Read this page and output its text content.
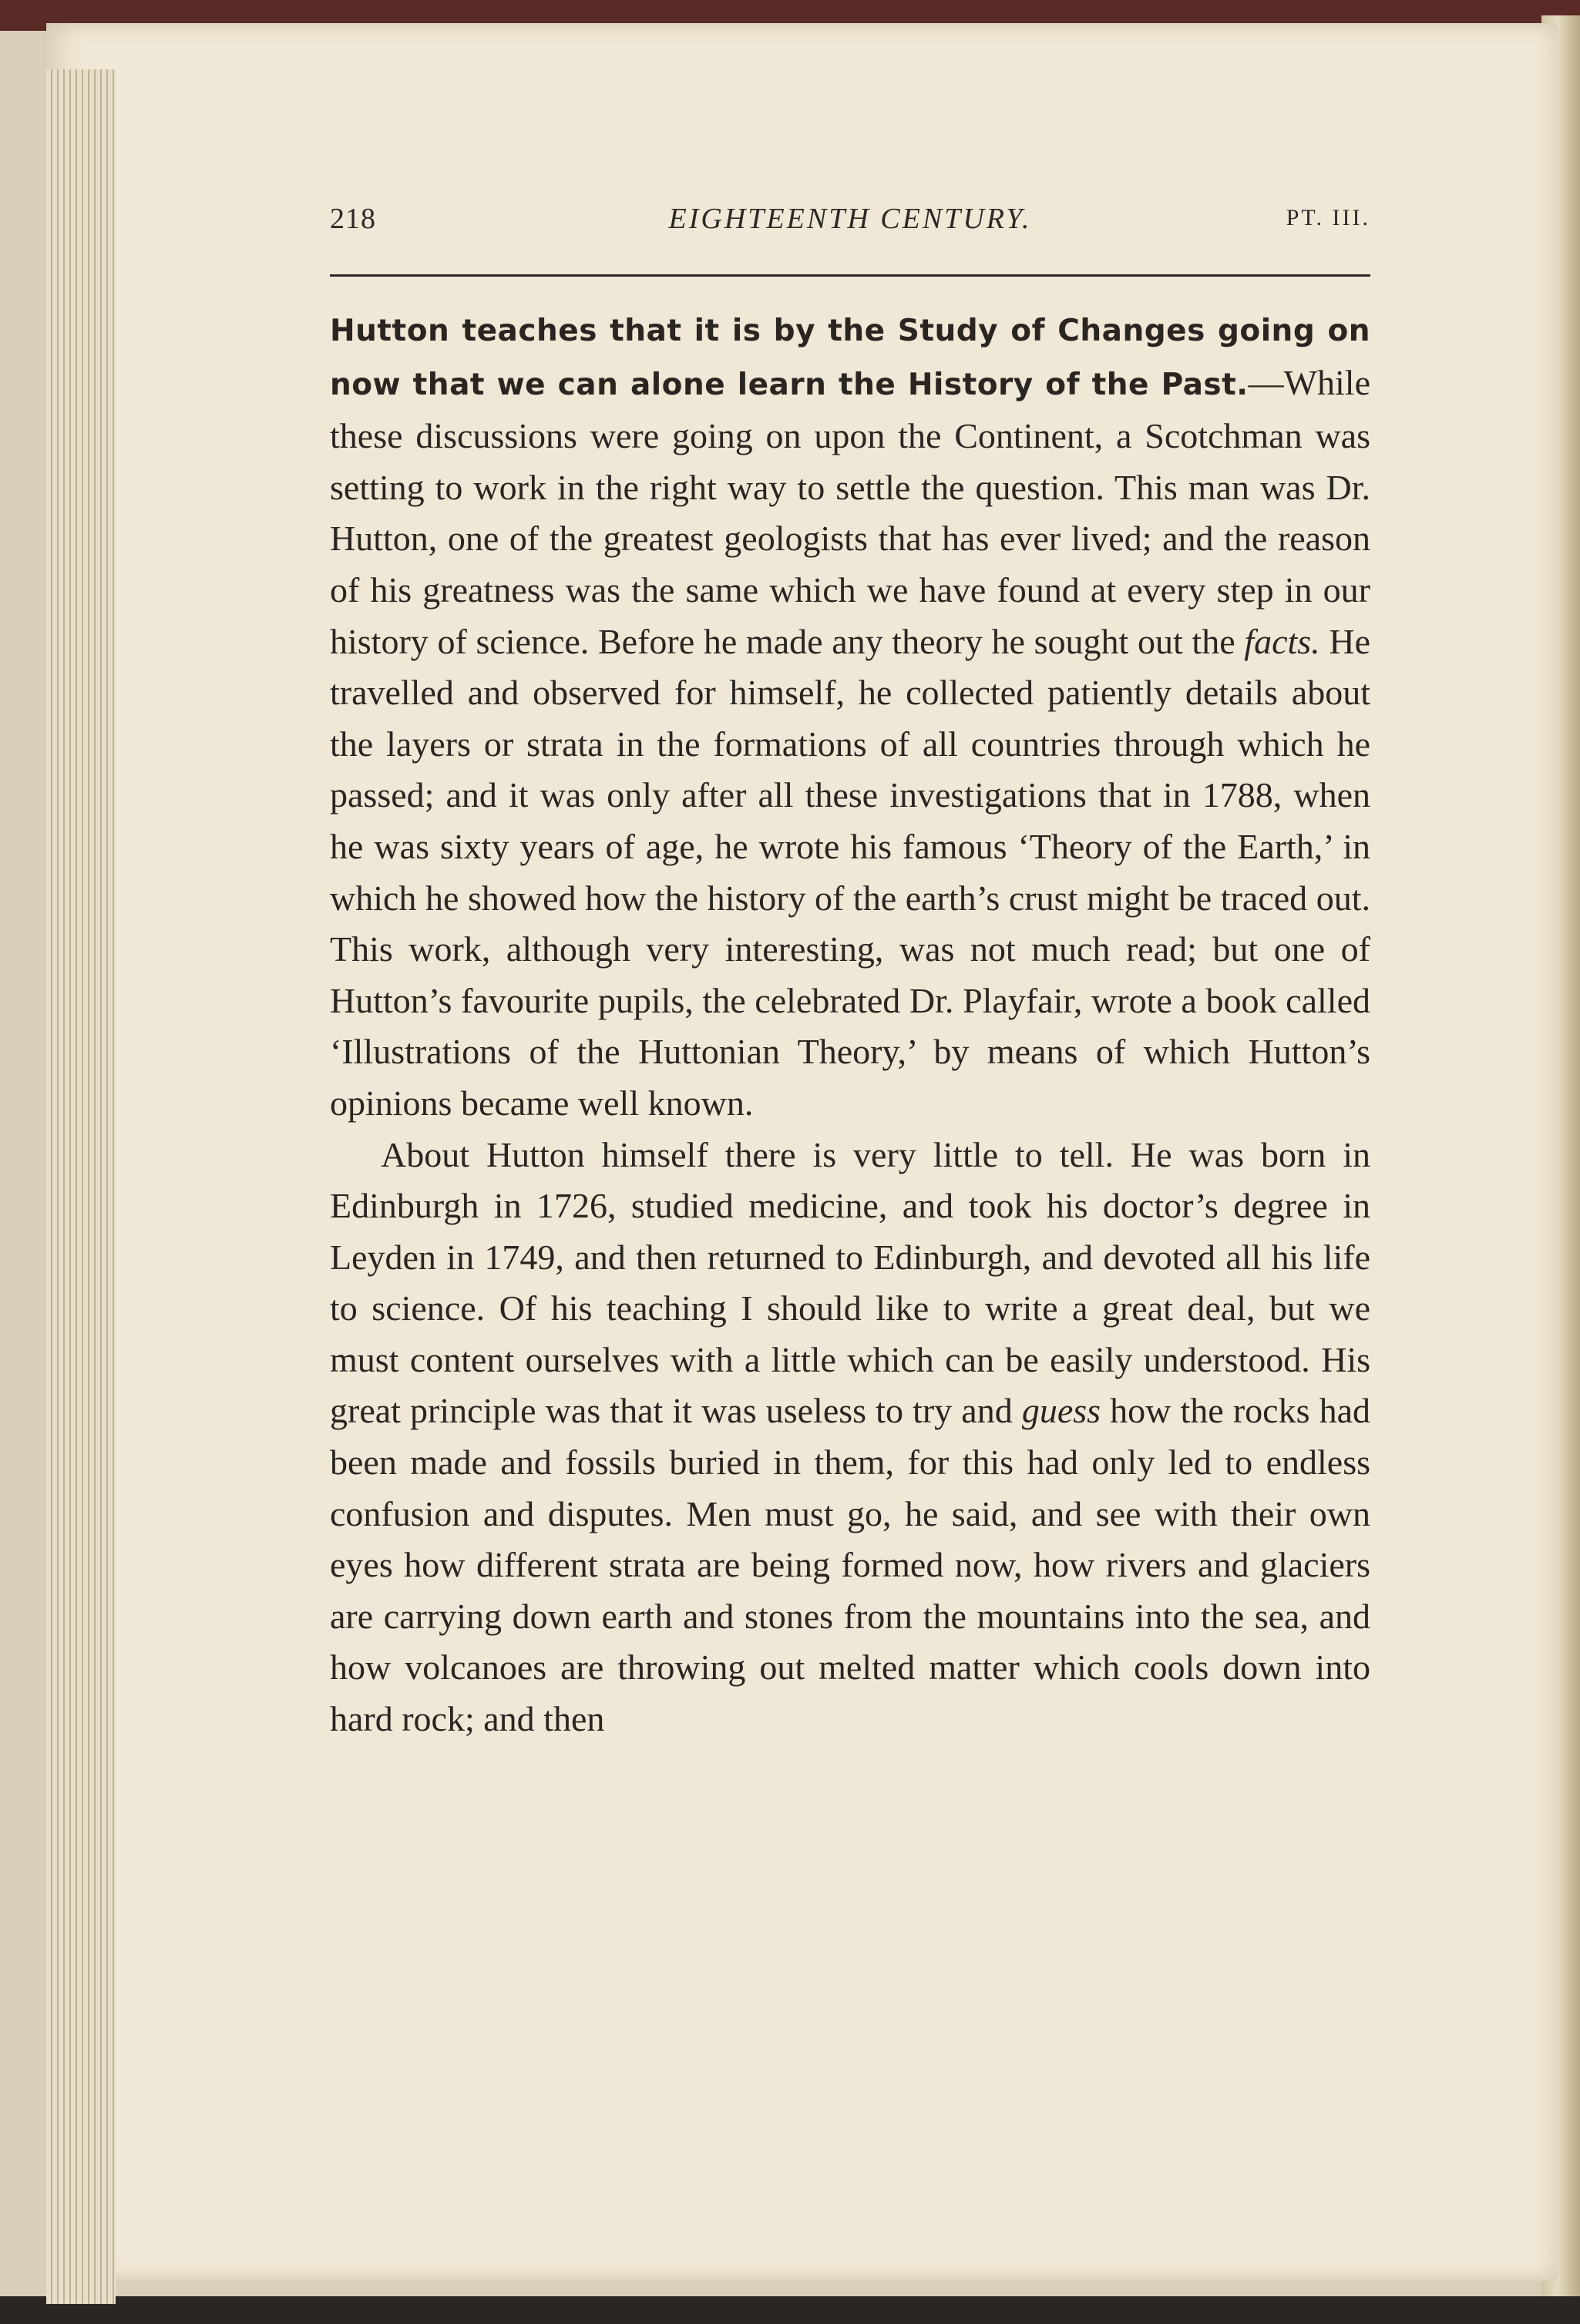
218	EIGHTEENTH CENTURY.	PT. III.

Hutton teaches that it is by the Study of Changes going on now that we can alone learn the History of the Past.—While these discussions were going on upon the Continent, a Scotchman was setting to work in the right way to settle the question. This man was Dr. Hutton, one of the greatest geologists that has ever lived; and the reason of his greatness was the same which we have found at every step in our history of science. Before he made any theory he sought out the facts. He travelled and observed for himself, he collected patiently details about the layers or strata in the formations of all countries through which he passed; and it was only after all these investigations that in 1788, when he was sixty years of age, he wrote his famous ‘Theory of the Earth,’ in which he showed how the history of the earth’s crust might be traced out. This work, although very interesting, was not much read; but one of Hutton’s favourite pupils, the celebrated Dr. Playfair, wrote a book called ‘Illustrations of the Huttonian Theory,’ by means of which Hutton’s opinions became well known.

About Hutton himself there is very little to tell. He was born in Edinburgh in 1726, studied medicine, and took his doctor’s degree in Leyden in 1749, and then returned to Edinburgh, and devoted all his life to science. Of his teaching I should like to write a great deal, but we must content ourselves with a little which can be easily understood. His great principle was that it was useless to try and guess how the rocks had been made and fossils buried in them, for this had only led to endless confusion and disputes. Men must go, he said, and see with their own eyes how different strata are being formed now, how rivers and glaciers are carrying down earth and stones from the mountains into the sea, and how volcanoes are throwing out melted matter which cools down into hard rock; and then
